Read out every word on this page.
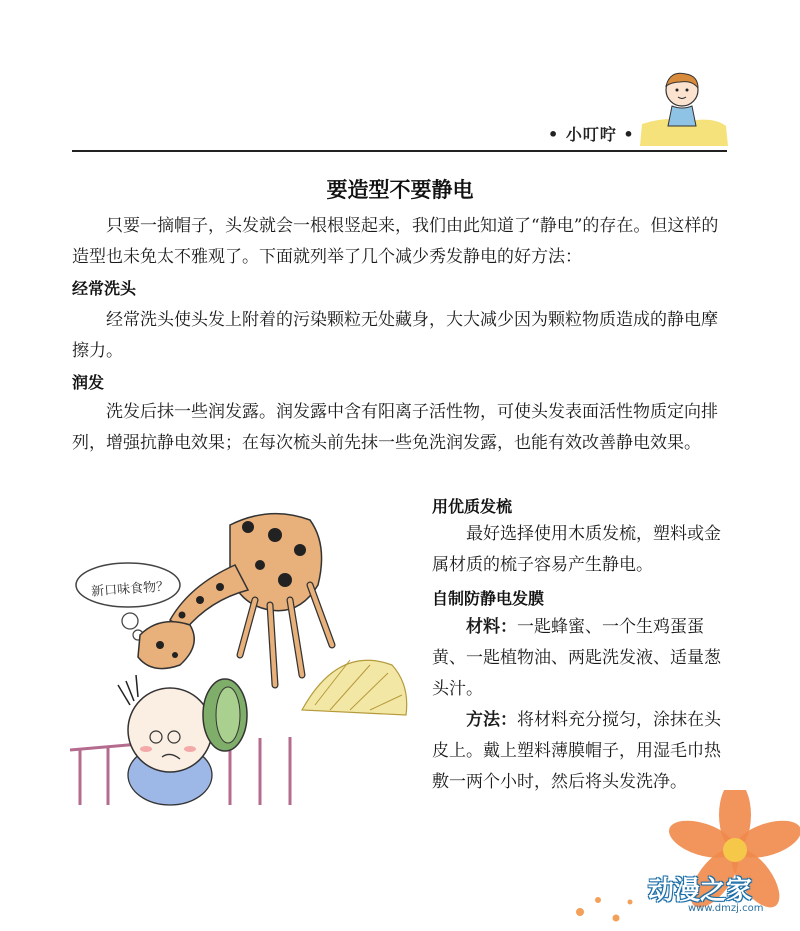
• 小叮咛 •
要造型不要静电

只要一摘帽子，头发就会一根根竖起来，我们由此知道了“静电”的存在。但这样的造型也未免太不雅观了。下面就列举了几个减少秀发静电的好方法：

经常洗头

经常洗头使头发上附着的污染颗粒无处藏身，大大减少因为颗粒物质造成的静电摩擦力。

润发

洗发后抹一些润发露。润发露中含有阳离子活性物，可使头发表面活性物质定向排列，增强抗静电效果；在每次梳头前先抹一些免洗润发露，也能有效改善静电效果。

用优质发梳

最好选择使用木质发梳，塑料或金属材质的梳子容易产生静电。

自制防静电发膜

材料：一匙蜂蜜、一个生鸡蛋蛋黄、一匙植物油、两匙洗发液、适量葱头汁。

方法：将材料充分搅匀，涂抹在头皮上。戴上塑料薄膜帽子，用湿毛巾热敷一两个小时，然后将头发洗净。

新口味食物？
动漫之家
www.dmzj.com
